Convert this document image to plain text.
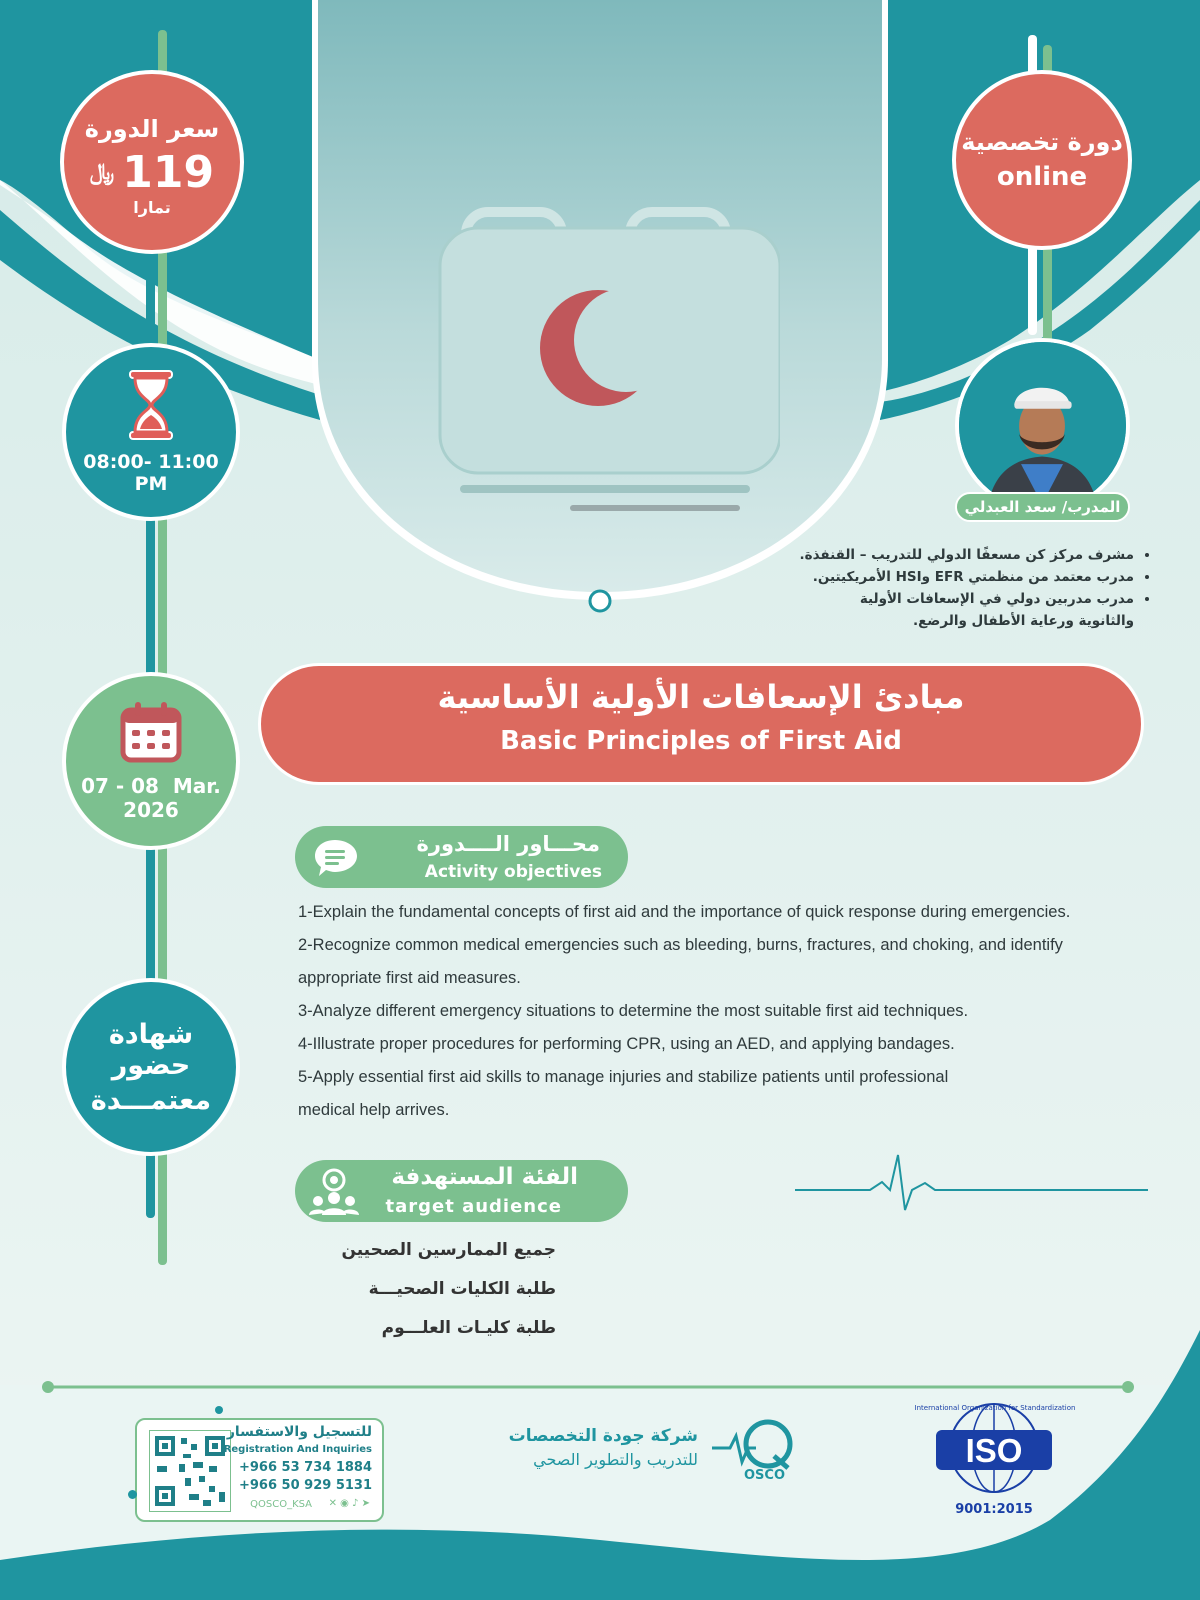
سعر الدورة
﷼ 119
تمارا
دورة تخصصية
online
08:00- 11:00
PM
المدرب/ سعد العبدلي
• مشرف مركز كن مسعفًا الدولي للتدريب – القنفذة.
• مدرب معتمد من منظمتي EFR وHSI الأمريكيتين.
• مدرب مدربين دولي في الإسعافات الأولية
والثانوية ورعاية الأطفال والرضع.
07 - 08  Mar.
2026
شهادة حضور
معتمـــدة
مبادئ الإسعافات الأولية الأساسية
Basic Principles of First Aid
محـــاور الــــدورة
Activity objectives

1-Explain the fundamental concepts of first aid and the importance of quick response during emergencies.

2-Recognize common medical emergencies such as bleeding, burns, fractures, and choking, and identify

appropriate first aid measures.

3-Analyze different emergency situations to determine the most suitable first aid techniques.

4-Illustrate proper procedures for performing CPR, using an AED, and applying bandages.

5-Apply essential first aid skills to manage injuries and stabilize patients until professional

medical help arrives.

الفئة المستهدفة
target audience

جميع الممارسين الصحيين

طلبة الكليات الصحيـــة

طلبة كليـات العلـــوم

للتسجيل والاستفسار
Registration And Inquiries
+966 53 734 1884
+966 50 929 5131
QOSCO_KSA ✕ ◉ ♪ ➤
شركة جودة التخصصات
للتدريب والتطوير الصحي
OSCO
ISO
International Organization for Standardization
9001:2015
